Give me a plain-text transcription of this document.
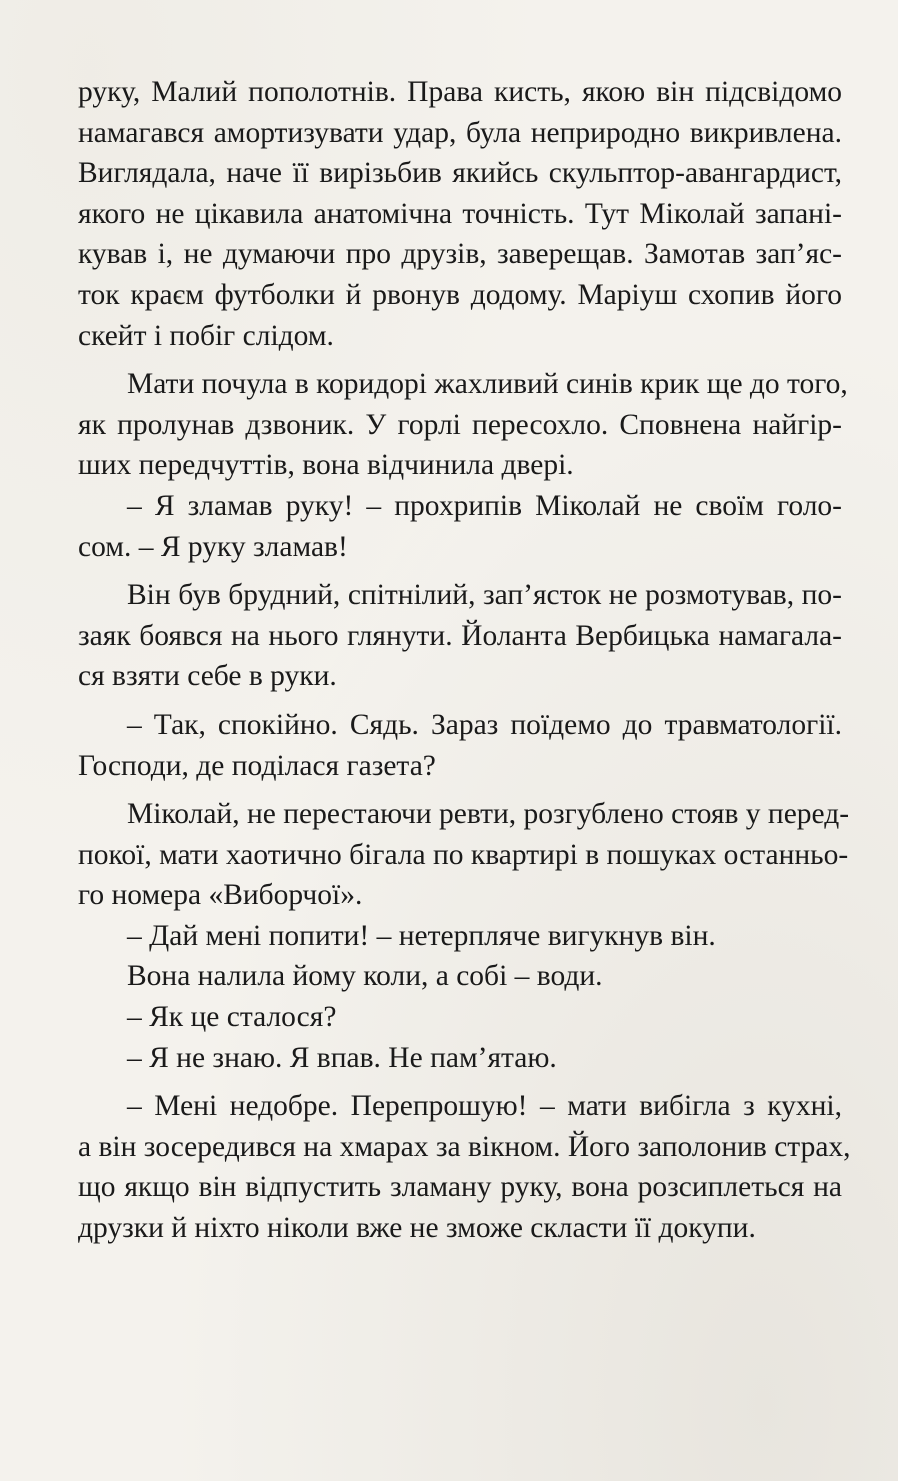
руку, Малий пополотнів. Права кисть, якою він підсвідомо
намагався амортизувати удар, була неприродно викривлена.
Виглядала, наче її вирізьбив якийсь скульптор-авангардист,
якого не цікавила анатомічна точність. Тут Міколай запані-
кував і, не думаючи про друзів, заверещав. Замотав зап’яс-
ток краєм футболки й рвонув додому. Маріуш схопив його
скейт і побіг слідом.
Мати почула в коридорі жахливий синів крик ще до того,
як пролунав дзвоник. У горлі пересохло. Сповнена найгір-
ших передчуттів, вона відчинила двері.
– Я зламав руку! – прохрипів Міколай не своїм голо-
сом. – Я руку зламав!
Він був брудний, спітнілий, зап’ясток не розмотував, по-
заяк боявся на нього глянути. Йоланта Вербицька намагала-
ся взяти себе в руки.
– Так, спокійно. Сядь. Зараз поїдемо до травматології.
Господи, де поділася газета?
Міколай, не перестаючи ревти, розгублено стояв у перед-
покої, мати хаотично бігала по квартирі в пошуках останньо-
го номера «Виборчої».
– Дай мені попити! – нетерпляче вигукнув він.
Вона налила йому коли, а собі – води.
– Як це сталося?
– Я не знаю. Я впав. Не пам’ятаю.
– Мені недобре. Перепрошую! – мати вибігла з кухні,
а він зосередився на хмарах за вікном. Його заполонив страх,
що якщо він відпустить зламану руку, вона розсиплеться на
друзки й ніхто ніколи вже не зможе скласти її докупи.
